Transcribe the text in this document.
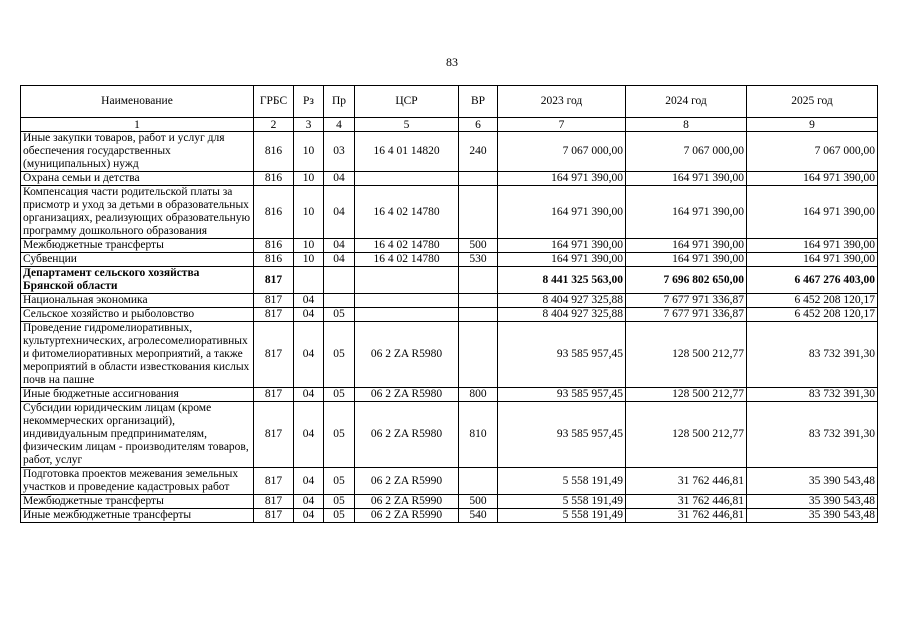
83
Наименование	ГРБС	Рз	Пр	ЦСР	ВР	2023 год	2024 год	2025 год
1	2	3	4	5	6	7	8	9
Иные закупки товаров, работ и услуг для обеспечения государственных (муниципальных) нужд	816	10	03	16 4 01 14820	240	7 067 000,00	7 067 000,00	7 067 000,00
Охрана семьи и детства	816	10	04			164 971 390,00	164 971 390,00	164 971 390,00
Компенсация части родительской платы за присмотр и уход за детьми в образовательных организациях, реализующих образовательную программу дошкольного образования	816	10	04	16 4 02 14780		164 971 390,00	164 971 390,00	164 971 390,00
Межбюджетные трансферты	816	10	04	16 4 02 14780	500	164 971 390,00	164 971 390,00	164 971 390,00
Субвенции	816	10	04	16 4 02 14780	530	164 971 390,00	164 971 390,00	164 971 390,00
Департамент сельского хозяйства Брянской области	817					8 441 325 563,00	7 696 802 650,00	6 467 276 403,00
Национальная экономика	817	04				8 404 927 325,88	7 677 971 336,87	6 452 208 120,17
Сельское хозяйство и рыболовство	817	04	05			8 404 927 325,88	7 677 971 336,87	6 452 208 120,17
Проведение гидромелиоративных, культуртехнических, агролесомелиоративных и фитомелиоративных мероприятий, а также мероприятий в области известкования кислых почв на пашне	817	04	05	06 2 ZA R5980		93 585 957,45	128 500 212,77	83 732 391,30
Иные бюджетные ассигнования	817	04	05	06 2 ZA R5980	800	93 585 957,45	128 500 212,77	83 732 391,30
Субсидии юридическим лицам (кроме некоммерческих организаций), индивидуальным предпринимателям, физическим лицам - производителям товаров, работ, услуг	817	04	05	06 2 ZA R5980	810	93 585 957,45	128 500 212,77	83 732 391,30
Подготовка проектов межевания земельных участков и проведение кадастровых работ	817	04	05	06 2 ZA R5990		5 558 191,49	31 762 446,81	35 390 543,48
Межбюджетные трансферты	817	04	05	06 2 ZA R5990	500	5 558 191,49	31 762 446,81	35 390 543,48
Иные межбюджетные трансферты	817	04	05	06 2 ZA R5990	540	5 558 191,49	31 762 446,81	35 390 543,48
